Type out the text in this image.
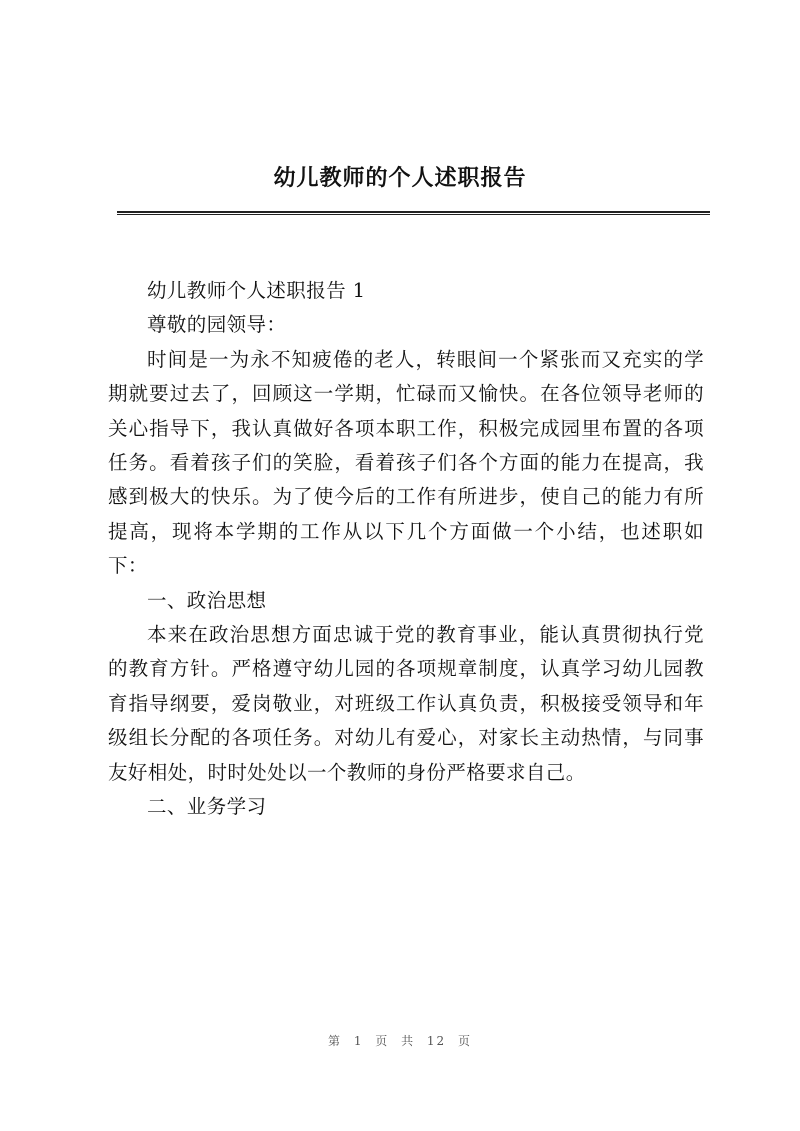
幼儿教师的个人述职报告

幼儿教师个人述职报告 1

尊敬的园领导：

时间是一为永不知疲倦的老人，转眼间一个紧张而又充实的学期就要过去了，回顾这一学期，忙碌而又愉快。在各位领导老师的关心指导下，我认真做好各项本职工作，积极完成园里布置的各项任务。看着孩子们的笑脸，看着孩子们各个方面的能力在提高，我感到极大的快乐。为了使今后的工作有所进步，使自己的能力有所提高，现将本学期的工作从以下几个方面做一个小结，也述职如下：

一、政治思想

本来在政治思想方面忠诚于党的教育事业，能认真贯彻执行党的教育方针。严格遵守幼儿园的各项规章制度，认真学习幼儿园教育指导纲要，爱岗敬业，对班级工作认真负责，积极接受领导和年级组长分配的各项任务。对幼儿有爱心，对家长主动热情，与同事友好相处，时时处处以一个教师的身份严格要求自己。

二、业务学习

第 1 页 共 12 页
